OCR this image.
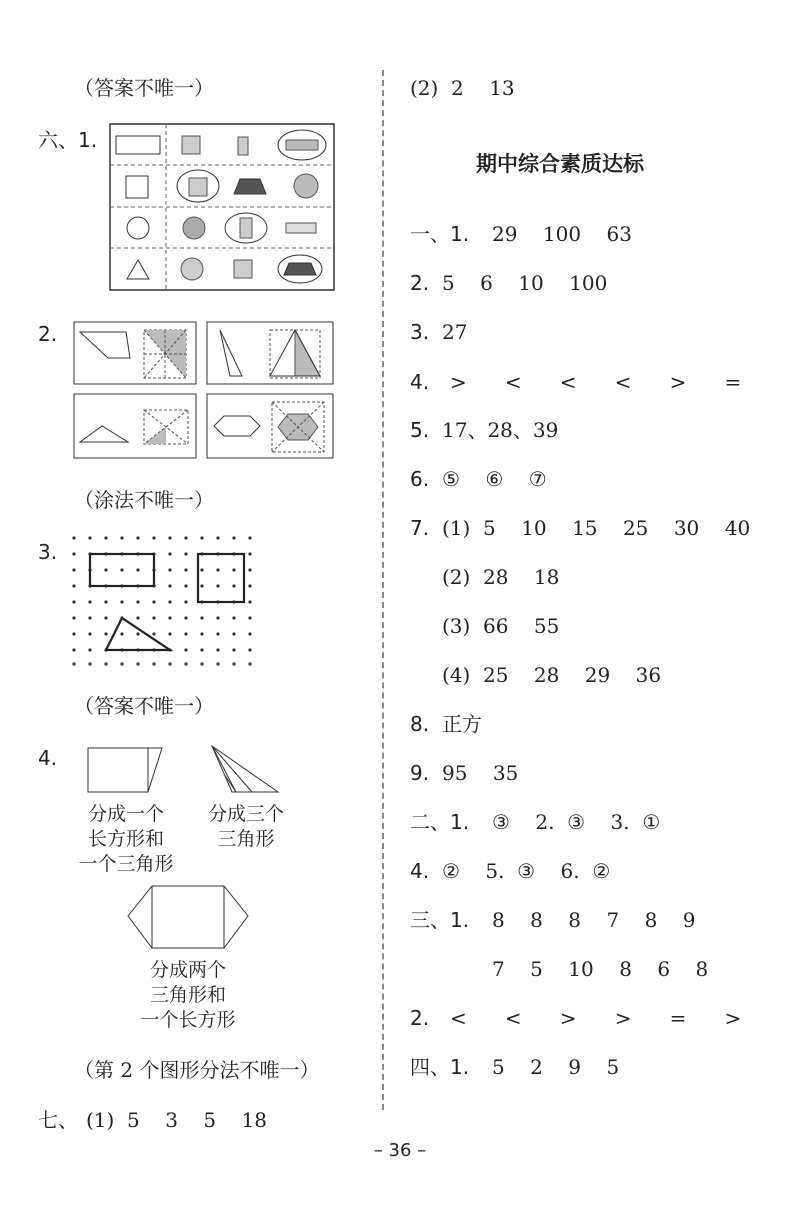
（答案不唯一）
六、1.
2.
（涂法不唯一）
3.
（答案不唯一）
4.
分成一个
长方形和
一个三角形
分成三个
三角形
分成两个
三角形和
一个长方形
（第 2 个图形分法不唯一）
七、 (1)  5    3    5    18
(2)  2    13
期中综合素质达标
一、1. 29    100    63
2. 5    6    10    100
3. 27
4. >      <      <      <      >      =
5. 17、28、39
6. ⑤    ⑥    ⑦
7. (1)  5    10    15    25    30    40
(2)  28    18
(3)  66    55
(4)  25    28    29    36
8. 正方
9. 95    35
二、1. ③    2.  ③    3.  ①
4. ②    5.  ③    6.  ②
三、1. 8    8    8    7    8    9
7    5    10    8    6    8
2. <      <      >      >      =      >
四、1. 5    2    9    5
– 36 –
